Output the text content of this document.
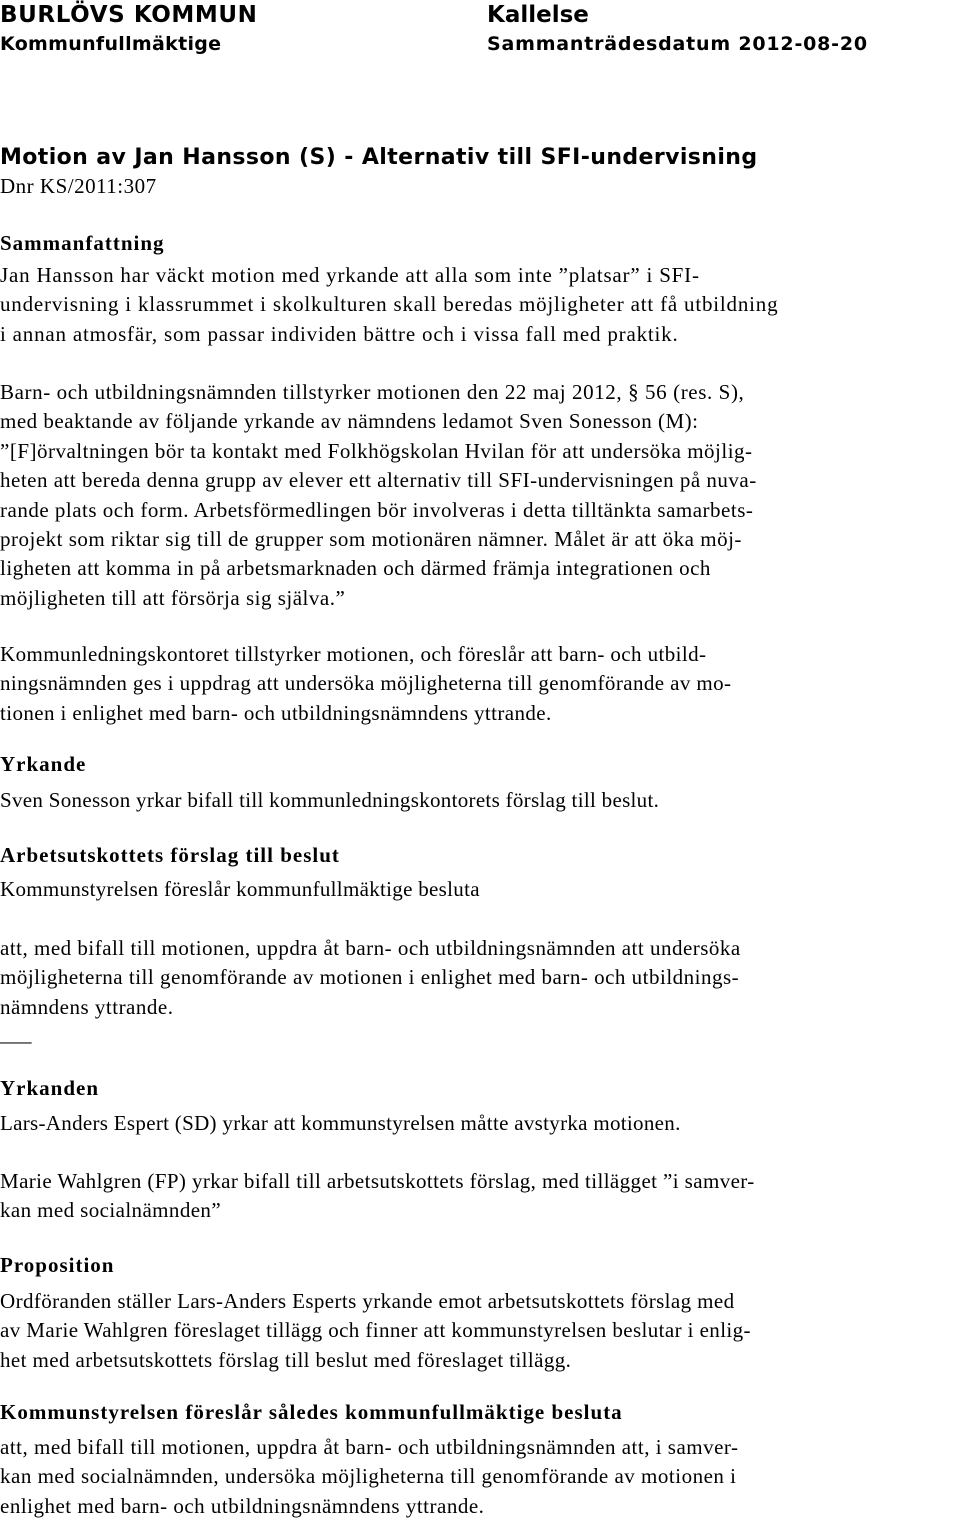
BURLÖVS KOMMUN	Kallelse
Kommunfullmäktige	Sammanträdesdatum 2012-08-20
Motion av Jan Hansson (S) - Alternativ till SFI-undervisning
Dnr KS/2011:307
Sammanfattning
Jan Hansson har väckt motion med yrkande att alla som inte ”platsar” i SFI-
undervisning i klassrummet i skolkulturen skall beredas möjligheter att få utbildning
i annan atmosfär, som passar individen bättre och i vissa fall med praktik.
Barn- och utbildningsnämnden tillstyrker motionen den 22 maj 2012, § 56 (res. S),
med beaktande av följande yrkande av nämndens ledamot Sven Sonesson (M):
”[F]örvaltningen bör ta kontakt med Folkhögskolan Hvilan för att undersöka möjlig-
heten att bereda denna grupp av elever ett alternativ till SFI-undervisningen på nuva-
rande plats och form. Arbetsförmedlingen bör involveras i detta tilltänkta samarbets-
projekt som riktar sig till de grupper som motionären nämner. Målet är att öka möj-
ligheten att komma in på arbetsmarknaden och därmed främja integrationen och
möjligheten till att försörja sig själva.”
Kommunledningskontoret tillstyrker motionen, och föreslår att barn- och utbild-
ningsnämnden ges i uppdrag att undersöka möjligheterna till genomförande av mo-
tionen i enlighet med barn- och utbildningsnämndens yttrande.
Yrkande
Sven Sonesson yrkar bifall till kommunledningskontorets förslag till beslut.
Arbetsutskottets förslag till beslut
Kommunstyrelsen föreslår kommunfullmäktige besluta
att, med bifall till motionen, uppdra åt barn- och utbildningsnämnden att undersöka
möjligheterna till genomförande av motionen i enlighet med barn- och utbildnings-
nämndens yttrande.
___
Yrkanden
Lars-Anders Espert (SD) yrkar att kommunstyrelsen måtte avstyrka motionen.
Marie Wahlgren (FP) yrkar bifall till arbetsutskottets förslag, med tillägget ”i samver-
kan med socialnämnden”
Proposition
Ordföranden ställer Lars-Anders Esperts yrkande emot arbetsutskottets förslag med
av Marie Wahlgren föreslaget tillägg och finner att kommunstyrelsen beslutar i enlig-
het med arbetsutskottets förslag till beslut med föreslaget tillägg.
Kommunstyrelsen föreslår således kommunfullmäktige besluta
att, med bifall till motionen, uppdra åt barn- och utbildningsnämnden att, i samver-
kan med socialnämnden, undersöka möjligheterna till genomförande av motionen i
enlighet med barn- och utbildningsnämndens yttrande.
